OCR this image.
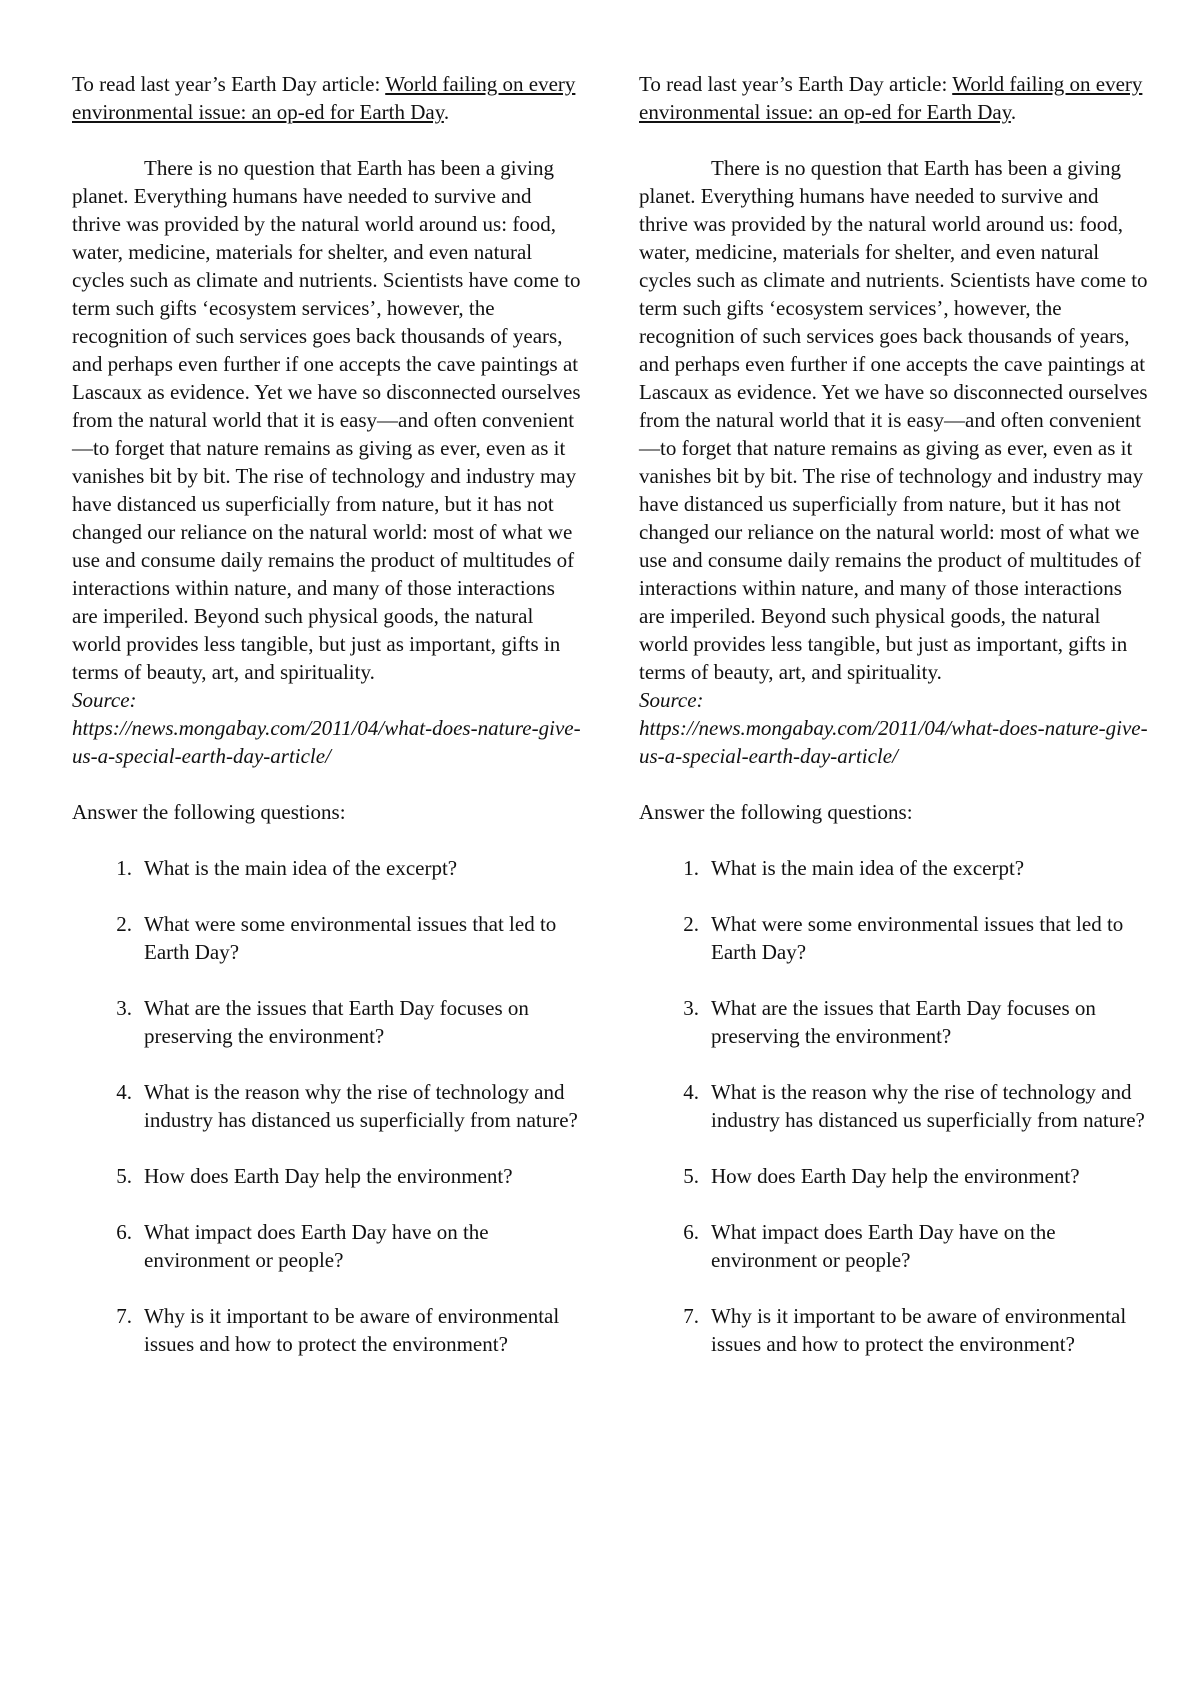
To read last year’s Earth Day article: World failing on every environmental issue: an op-ed for Earth Day.

There is no question that Earth has been a giving planet. Everything humans have needed to survive and thrive was provided by the natural world around us: food, water, medicine, materials for shelter, and even natural cycles such as climate and nutrients. Scientists have come to term such gifts ‘ecosystem services’, however, the recognition of such services goes back thousands of years, and perhaps even further if one accepts the cave paintings at Lascaux as evidence. Yet we have so disconnected ourselves from the natural world that it is easy—and often convenient—to forget that nature remains as giving as ever, even as it vanishes bit by bit. The rise of technology and industry may have distanced us superficially from nature, but it has not changed our reliance on the natural world: most of what we use and consume daily remains the product of multitudes of interactions within nature, and many of those interactions are imperiled. Beyond such physical goods, the natural world provides less tangible, but just as important, gifts in terms of beauty, art, and spirituality.

Source:

https://news.mongabay.com/2011/04/what-does-nature-give-us-a-special-earth-day-article/

Answer the following questions:

1. What is the main idea of the excerpt?
2. What were some environmental issues that led to Earth Day?
3. What are the issues that Earth Day focuses on preserving the environment?
4. What is the reason why the rise of technology and industry has distanced us superficially from nature?
5. How does Earth Day help the environment?
6. What impact does Earth Day have on the environment or people?
7. Why is it important to be aware of environmental issues and how to protect the environment?

To read last year’s Earth Day article: World failing on every environmental issue: an op-ed for Earth Day.

There is no question that Earth has been a giving planet. Everything humans have needed to survive and thrive was provided by the natural world around us: food, water, medicine, materials for shelter, and even natural cycles such as climate and nutrients. Scientists have come to term such gifts ‘ecosystem services’, however, the recognition of such services goes back thousands of years, and perhaps even further if one accepts the cave paintings at Lascaux as evidence. Yet we have so disconnected ourselves from the natural world that it is easy—and often convenient—to forget that nature remains as giving as ever, even as it vanishes bit by bit. The rise of technology and industry may have distanced us superficially from nature, but it has not changed our reliance on the natural world: most of what we use and consume daily remains the product of multitudes of interactions within nature, and many of those interactions are imperiled. Beyond such physical goods, the natural world provides less tangible, but just as important, gifts in terms of beauty, art, and spirituality.

Source:

https://news.mongabay.com/2011/04/what-does-nature-give-us-a-special-earth-day-article/

Answer the following questions:

1. What is the main idea of the excerpt?
2. What were some environmental issues that led to Earth Day?
3. What are the issues that Earth Day focuses on preserving the environment?
4. What is the reason why the rise of technology and industry has distanced us superficially from nature?
5. How does Earth Day help the environment?
6. What impact does Earth Day have on the environment or people?
7. Why is it important to be aware of environmental issues and how to protect the environment?
